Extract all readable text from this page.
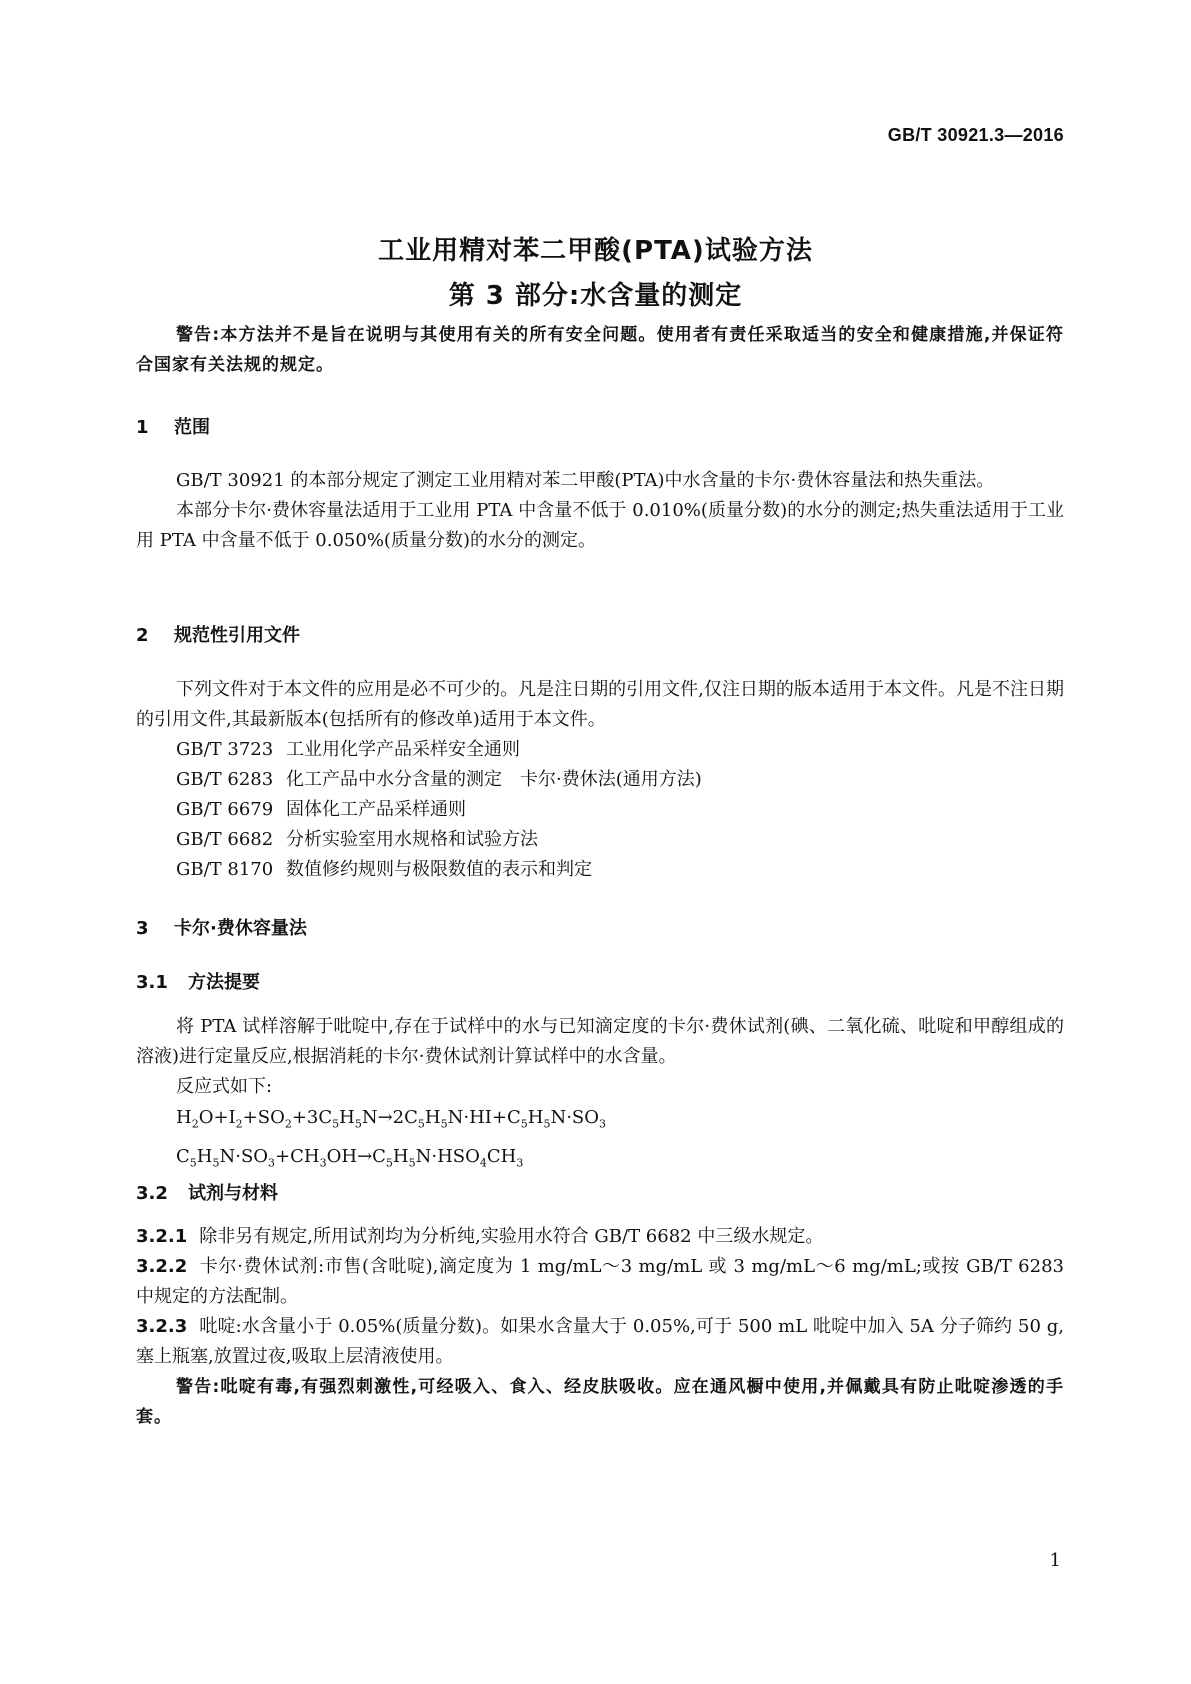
GB/T 30921.3—2016
工业用精对苯二甲酸(PTA)试验方法
第 3 部分:水含量的测定

警告:本方法并不是旨在说明与其使用有关的所有安全问题。使用者有责任采取适当的安全和健康措施,并保证符合国家有关法规的规定。

1 范围

GB/T 30921 的本部分规定了测定工业用精对苯二甲酸(PTA)中水含量的卡尔·费休容量法和热失重法。

本部分卡尔·费休容量法适用于工业用 PTA 中含量不低于 0.010%(质量分数)的水分的测定;热失重法适用于工业用 PTA 中含量不低于 0.050%(质量分数)的水分的测定。

2 规范性引用文件

下列文件对于本文件的应用是必不可少的。凡是注日期的引用文件,仅注日期的版本适用于本文件。凡是不注日期的引用文件,其最新版本(包括所有的修改单)适用于本文件。

GB/T 3723 工业用化学产品采样安全通则
GB/T 6283 化工产品中水分含量的测定　卡尔·费休法(通用方法)
GB/T 6679 固体化工产品采样通则
GB/T 6682 分析实验室用水规格和试验方法
GB/T 8170 数值修约规则与极限数值的表示和判定
3 卡尔·费休容量法
3.1 方法提要

将 PTA 试样溶解于吡啶中,存在于试样中的水与已知滴定度的卡尔·费休试剂(碘、二氧化硫、吡啶和甲醇组成的溶液)进行定量反应,根据消耗的卡尔·费休试剂计算试样中的水含量。

反应式如下:

$H_2O+I_2+SO_2+3C_5H_5N\to 2C_5H_5N\cdot HI+C_5H_5N\cdot SO_3$
$C_5H_5N\cdot SO_3+CH_3OH\to C_5H_5N\cdot HSO_4CH_3$
3.2 试剂与材料

3.2.1 除非另有规定,所用试剂均为分析纯,实验用水符合 GB/T 6682 中三级水规定。

3.2.2 卡尔·费休试剂:市售(含吡啶),滴定度为 1 mg/mL～3 mg/mL 或 3 mg/mL～6 mg/mL;或按 GB/T 6283 中规定的方法配制。

3.2.3 吡啶:水含量小于 0.05%(质量分数)。如果水含量大于 0.05%,可于 500 mL 吡啶中加入 5A 分子筛约 50 g,塞上瓶塞,放置过夜,吸取上层清液使用。

警告:吡啶有毒,有强烈刺激性,可经吸入、食入、经皮肤吸收。应在通风橱中使用,并佩戴具有防止吡啶渗透的手套。

1
